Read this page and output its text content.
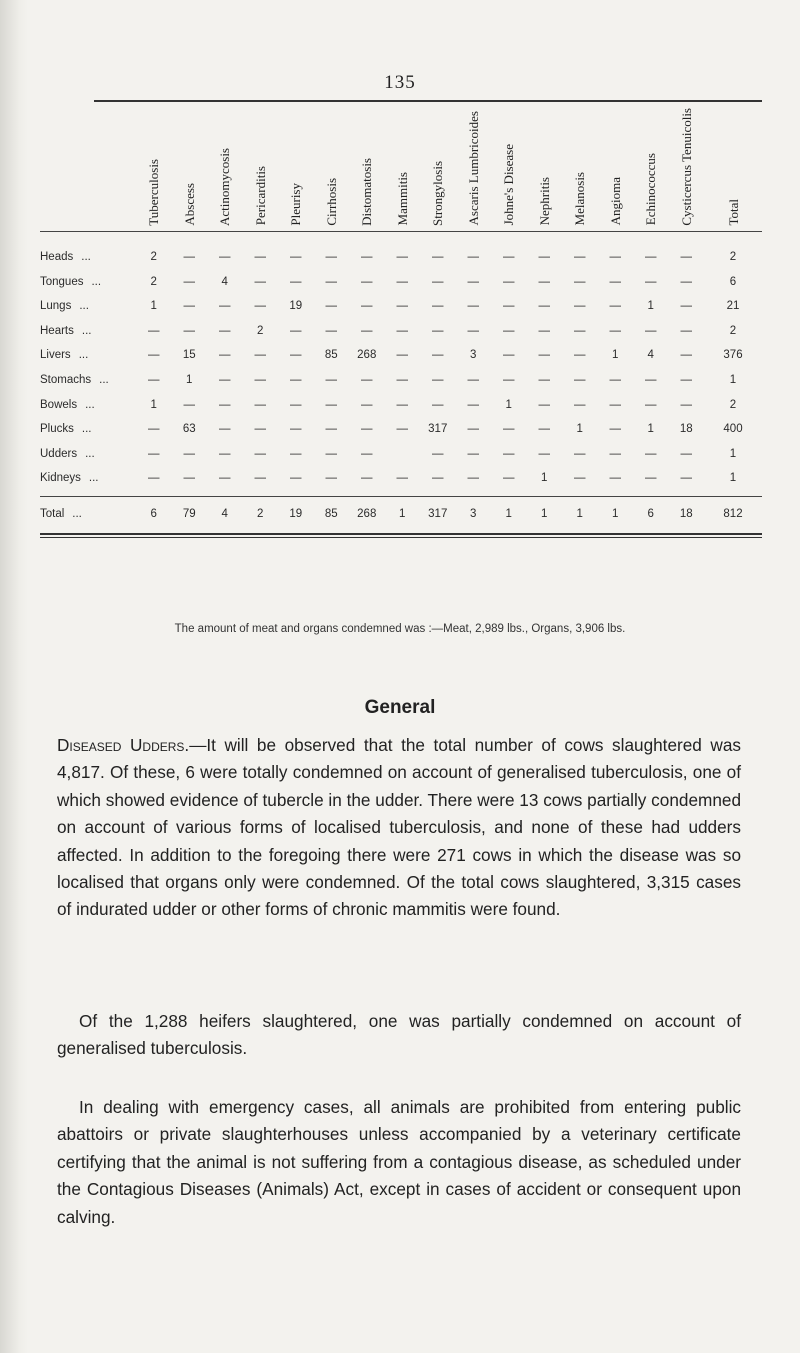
135
	Tuberculosis	Abscess	Actinomycosis	Pericarditis	Pleurisy	Cirrhosis	Distomatosis	Mammitis	Strongylosis	Ascaris Lumbricoides	Johne's Disease	Nephritis	Melanosis	Angioma	Echinococcus	Cysticercus Tenuicolis	Total

Heads ...	2	—	—	—	—	—	—	—	—	—	—	—	—	—	—	—	2
Tongues ...	2	—	4	—	—	—	—	—	—	—	—	—	—	—	—	—	6
Lungs ...	1	—	—	—	19	—	—	—	—	—	—	—	—	—	1	—	21
Hearts ...	—	—	—	2	—	—	—	—	—	—	—	—	—	—	—	—	2
Livers ...	—	15	—	—	—	85	268	—	—	3	—	—	—	1	4	—	376
Stomachs ...	—	1	—	—	—	—	—	—	—	—	—	—	—	—	—	—	1
Bowels ...	1	—	—	—	—	—	—	—	—	—	1	—	—	—	—	—	2
Plucks ...	—	63	—	—	—	—	—	—	317	—	—	—	1	—	1	18	400
Udders ...	—	—	—	—	—	—	—		—	—	—	—	—	—	—	—	1
Kidneys ...	—	—	—	—	—	—	—	—	—	—	—	1	—	—	—	—	1

Total ...	6	79	4	2	19	85	268	1	317	3	1	1	1	1	6	18	812
The amount of meat and organs condemned was :—Meat, 2,989 lbs., Organs, 3,906 lbs.
General

Diseased Udders.—It will be observed that the total number of cows slaughtered was 4,817. Of these, 6 were totally condemned on account of generalised tuberculosis, one of which showed evidence of tubercle in the udder. There were 13 cows partially condemned on account of various forms of localised tuberculosis, and none of these had udders affected. In addition to the foregoing there were 271 cows in which the disease was so localised that organs only were condemned. Of the total cows slaughtered, 3,315 cases of indurated udder or other forms of chronic mammitis were found.

Of the 1,288 heifers slaughtered, one was partially condemned on account of generalised tuberculosis.

In dealing with emergency cases, all animals are prohibited from entering public abattoirs or private slaughterhouses unless accompanied by a veterinary certificate certifying that the animal is not suffering from a contagious disease, as scheduled under the Contagious Diseases (Animals) Act, except in cases of accident or consequent upon calving.
